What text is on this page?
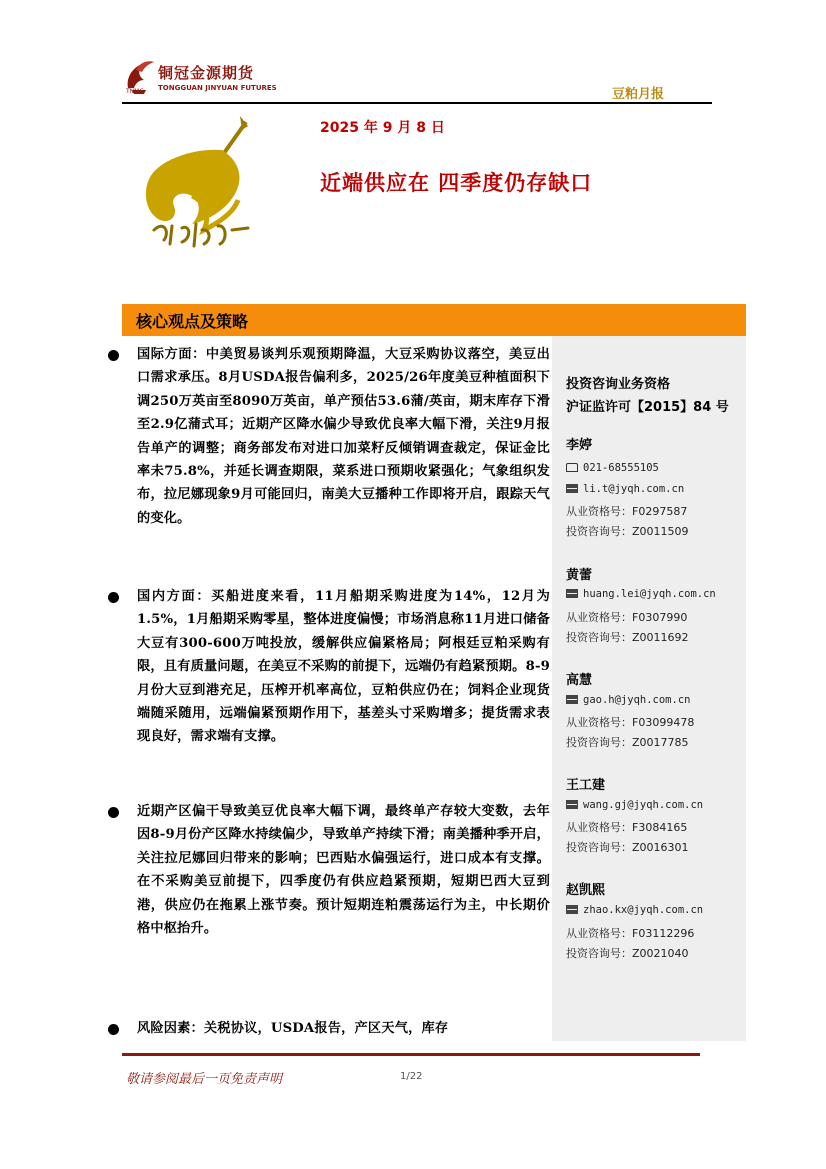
铜冠金源期货
TONGGUAN JINYUAN FUTURES
TNMG	豆粕月报
2025 年 9 月 8 日
近端供应在 四季度仍存缺口
核心观点及策略
国际方面：中美贸易谈判乐观预期降温，大豆采购协议落空，美豆出口需求承压。8月USDA报告偏利多，2025/26年度美豆种植面积下调250万英亩至8090万英亩，单产预估53.6蒲/英亩，期末库存下滑至2.9亿蒲式耳；近期产区降水偏少导致优良率大幅下滑，关注9月报告单产的调整；商务部发布对进口加菜籽反倾销调查裁定，保证金比率未75.8%，并延长调查期限，菜系进口预期收紧强化；气象组织发布，拉尼娜现象9月可能回归，南美大豆播种工作即将开启，跟踪天气的变化。
国内方面：买船进度来看，11月船期采购进度为14%，12月为1.5%，1月船期采购零星，整体进度偏慢；市场消息称11月进口储备大豆有300-600万吨投放，缓解供应偏紧格局；阿根廷豆粕采购有限，且有质量问题，在美豆不采购的前提下，远端仍有趋紧预期。8-9月份大豆到港充足，压榨开机率高位，豆粕供应仍在；饲料企业现货端随采随用，远端偏紧预期作用下，基差头寸采购增多；提货需求表现良好，需求端有支撑。
近期产区偏干导致美豆优良率大幅下调，最终单产存较大变数，去年因8-9月份产区降水持续偏少，导致单产持续下滑；南美播种季开启，关注拉尼娜回归带来的影响；巴西贴水偏强运行，进口成本有支撑。在不采购美豆前提下，四季度仍有供应趋紧预期，短期巴西大豆到港，供应仍在拖累上涨节奏。预计短期连粕震荡运行为主，中长期价格中枢抬升。
风险因素：关税协议，USDA报告，产区天气，库存
投资咨询业务资格
沪证监许可【2015】84 号
李婷
021-68555105
li.t@jyqh.com.cn
从业资格号：F0297587
投资咨询号：Z0011509
黄蕾
huang.lei@jyqh.com.cn
从业资格号：F0307990
投资咨询号：Z0011692
高慧
gao.h@jyqh.com.cn
从业资格号：F03099478
投资咨询号：Z0017785
王工建
wang.gj@jyqh.com.cn
从业资格号：F3084165
投资咨询号：Z0016301
赵凯熙
zhao.kx@jyqh.com.cn
从业资格号：F03112296
投资咨询号：Z0021040
敬请参阅最后一页免责声明	1/22
